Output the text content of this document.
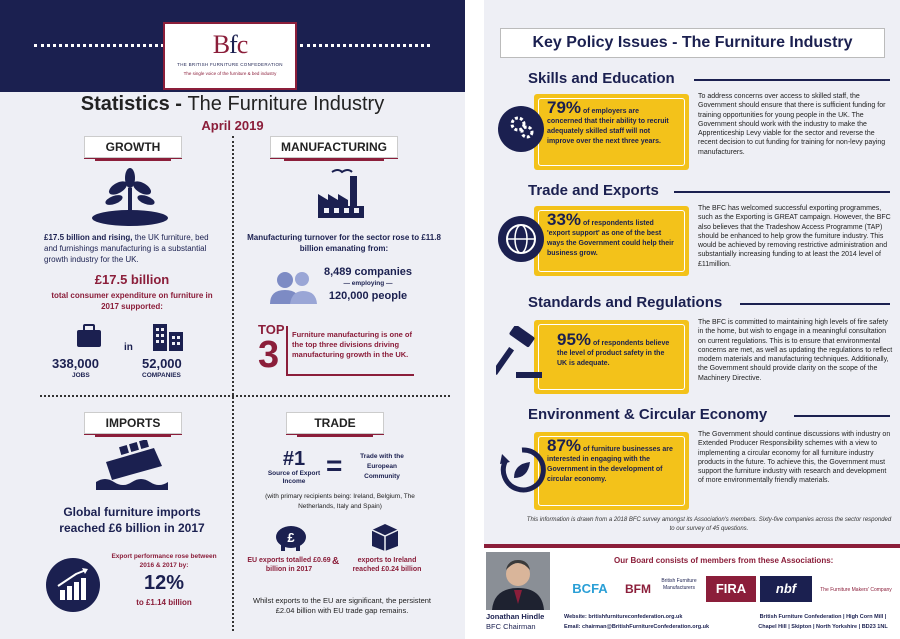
Bfc
THE BRITISH FURNITURE CONFEDERATION
The single voice of the furniture & bed industry
Statistics - The Furniture Industry
April 2019
GROWTH
£17.5 billion and rising, the UK furniture, bed and furnishings manufacturing is a substantial growth industry for the UK.
£17.5 billion
total consumer expenditure on furniture in 2017 supported:
338,000
JOBS
in
52,000
COMPANIES
MANUFACTURING
Manufacturing turnover for the sector rose to £11.8 billion emanating from:
8,489 companies
— employing —
120,000 people
TOP
3 Furniture manufacturing is one of the top three divisions driving manufacturing growth in the UK.
IMPORTS
Global furniture imports reached £6 billion in 2017
Export performance rose between 2016 & 2017 by:
12%
to £1.14 billion
TRADE
#1
Source of Export Income
=	Trade with the European Community
(with primary recipients being: Ireland, Belgium, The Netherlands, Italy and Spain)
£
EU exports totalled £0.69 billion in 2017
&	exports to Ireland reached £0.24 billion
Whilst exports to the EU are significant, the persistent £2.04 billion with EU trade gap remains.
Key Policy Issues - The Furniture Industry
Skills and Education
79% of employers are concerned that their ability to recruit adequately skilled staff will not improve over the next three years.
To address concerns over access to skilled staff, the Government should ensure that there is sufficient funding for training opportunities for young people in the UK. The Government should work with the industry to make the Apprenticeship Levy viable for the sector and reverse the recent decision to cut funding for training for non-levy paying manufacturers.
Trade and Exports
33% of respondents listed 'export support' as one of the best ways the Government could help their business grow.
The BFC has welcomed successful exporting programmes, such as the Exporting is GREAT campaign. However, the BFC also believes that the Tradeshow Access Programme (TAP) should be enhanced to help grow the furniture industry. This would be achieved by removing restrictive administration and substantially increasing funding to at least the 2014 level of £11million.
Standards and Regulations
95% of respondents believe the level of product safety in the UK is adequate.
The BFC is committed to maintaining high levels of fire safety in the home, but wish to engage in a meaningful consultation on current regulations. This is to ensure that environmental concerns are met, as well as updating the regulations to reflect modern materials and manufacturing techniques. Additionally, the Government should provide clarity on the scope of the Machinery Directive.
Environment & Circular Economy
87% of furniture businesses are interested in engaging with the Government in the development of circular economy.
The Government should continue discussions with industry on Extended Producer Responsibility schemes with a view to implementing a circular economy for all furniture industry products in the future. To achieve this, the Government must support the furniture industry with research and development of more environmentally friendly materials.
This information is drawn from a 2018 BFC survey amongst its Association's members. Sixty-five companies across the sector responded to our survey of 45 questions.
Our Board consists of members from these Associations:
Jonathan Hindle
BFC Chairman
BCFA	BFM
British Furniture Manufacturers	FIRA	nbf	The Furniture Makers' Company
Website: britishfurnitureconfederation.org.uk
Email: chairman@BritishFurnitureConfederation.org.uk
British Furniture Confederation | High Corn Mill |
Chapel Hill | Skipton | North Yorkshire | BD23 1NL
